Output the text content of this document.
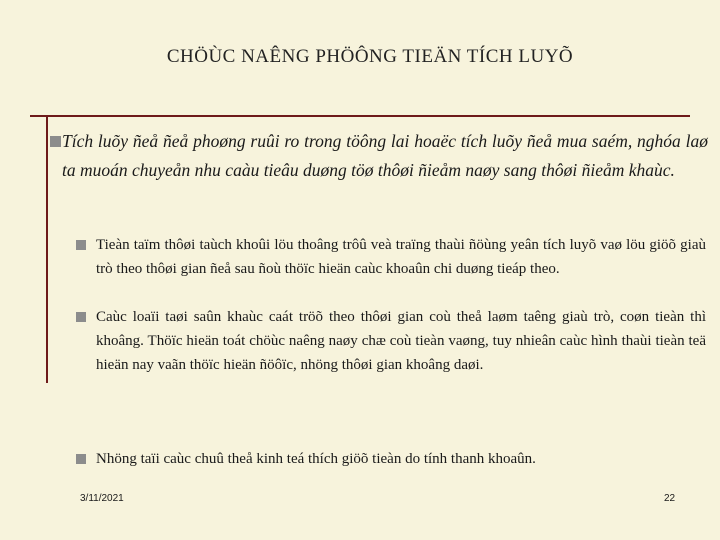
CHÖÙC NAÊNG PHÖÔNG TIEÄN TÍCH LUYÕ
Tích luõy ñeå ñeå phoøng ruûi ro trong töông lai hoaëc tích luõy ñeå mua saém, nghóa laø ta muoán chuyeån nhu caàu tieâu duøng töø thôøi ñieåm naøy sang thôøi ñieåm khaùc.
Tieàn taïm thôøi taùch khoûi löu thoâng trôû veà traïng thaùi ñöùng yeân tích luyõ vaø löu giöõ giaù trò theo thôøi gian ñeå sau ñoù thöïc hieän caùc khoaûn chi duøng tieáp theo.
Caùc loaïi taøi saûn khaùc caát tröõ theo thôøi gian coù theå laøm taêng giaù trò, coøn tieàn thì khoâng. Thöïc hieän toát chöùc naêng naøy chæ coù tieàn vaøng, tuy nhieân caùc hình thaùi tieàn teä hieän nay vaãn thöïc hieän ñöôïc, nhöng thôøi gian khoâng daøi.
Nhöng taïi caùc chuû theå kinh teá thích giöõ tieàn do tính thanh khoaûn.
3/11/2021	22
